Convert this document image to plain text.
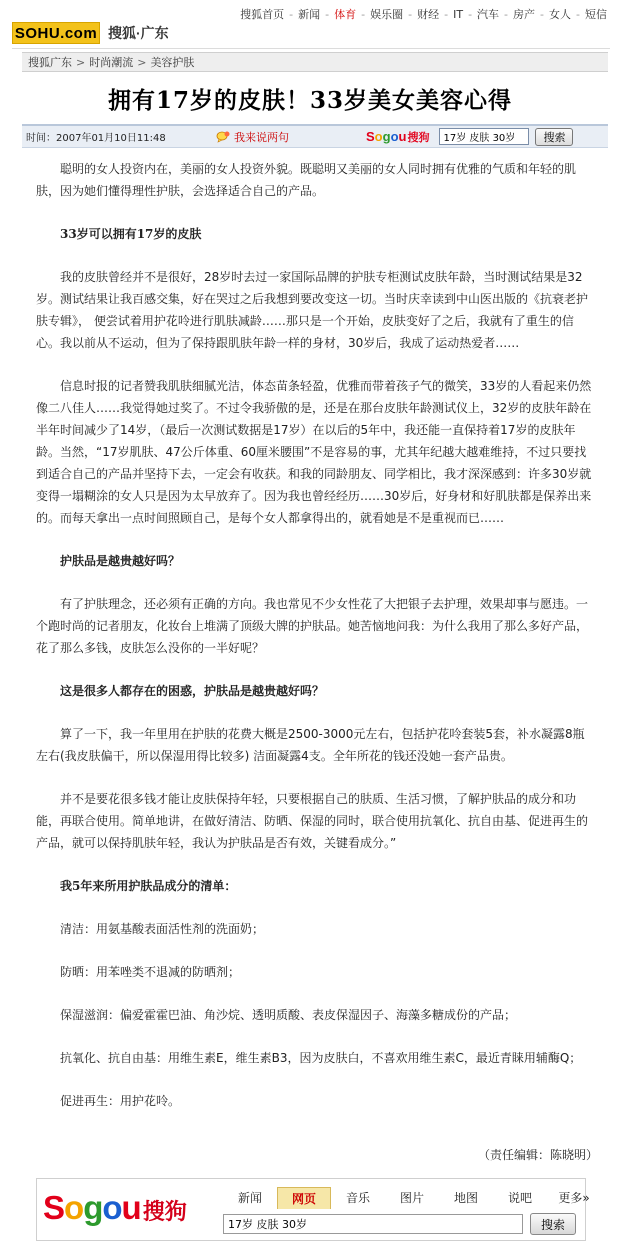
搜狐首页 - 新闻 - 体育 - 娱乐圈 - 财经 - IT - 汽车 - 房产 - 女人 - 短信
SOHU.com 搜狐·广东
搜狐广东 > 时尚潮流 > 美容护肤
拥有17岁的皮肤！33岁美女美容心得
时间：2007年01月10日11:48	我来说两句	Sogou 搜狗
17岁 皮肤 30岁	搜索

聪明的女人投资内在，美丽的女人投资外貌。既聪明又美丽的女人同时拥有优雅的气质和年轻的肌肤，因为她们懂得理性护肤，会选择适合自己的产品。

33岁可以拥有17岁的皮肤

我的皮肤曾经并不是很好，28岁时去过一家国际品牌的护肤专柜测试皮肤年龄，当时测试结果是32岁。测试结果让我百感交集，好在哭过之后我想到要改变这一切。当时庆幸读到中山医出版的《抗衰老护肤专辑》， 便尝试着用护花呤进行肌肤减龄……那只是一个开始，皮肤变好了之后，我就有了重生的信心。我以前从不运动，但为了保持跟肌肤年龄一样的身材，30岁后，我成了运动热爱者……

信息时报的记者赞我肌肤细腻光洁，体态苗条轻盈，优雅而带着孩子气的微笑，33岁的人看起来仍然像二八佳人……我觉得她过奖了。不过令我骄傲的是，还是在那台皮肤年龄测试仪上，32岁的皮肤年龄在半年时间减少了14岁，（最后一次测试数据是17岁）在以后的5年中，我还能一直保持着17岁的皮肤年龄。当然，“17岁肌肤、47公斤体重、60厘米腰围”不是容易的事，尤其年纪越大越难维持，不过只要找到适合自己的产品并坚持下去，一定会有收获。和我的同龄朋友、同学相比，我才深深感到：许多30岁就变得一塌糊涂的女人只是因为太早放弃了。因为我也曾经经历……30岁后，好身材和好肌肤都是保养出来的。而每天拿出一点时间照顾自己，是每个女人都拿得出的，就看她是不是重视而已……

护肤品是越贵越好吗？

有了护肤理念，还必须有正确的方向。我也常见不少女性花了大把银子去护理，效果却事与愿违。一个跑时尚的记者朋友，化妆台上堆满了顶级大牌的护肤品。她苦恼地问我：为什么我用了那么多好产品，花了那么多钱，皮肤怎么没你的一半好呢？

这是很多人都存在的困惑，护肤品是越贵越好吗？

算了一下，我一年里用在护肤的花费大概是2500-3000元左右，包括护花呤套装5套，补水凝露8瓶左右(我皮肤偏干，所以保湿用得比较多) 洁面凝露4支。全年所花的钱还没她一套产品贵。

并不是要花很多钱才能让皮肤保持年轻，只要根据自己的肤质、生活习惯，了解护肤品的成分和功能，再联合使用。简单地讲，在做好清洁、防晒、保湿的同时，联合使用抗氧化、抗自由基、促进再生的产品，就可以保持肌肤年轻，我认为护肤品是否有效，关键看成分。”

我5年来所用护肤品成分的清单：

清洁：用氨基酸表面活性剂的洗面奶；

防晒：用苯唑类不退减的防晒剂；

保湿滋润：偏爱霍霍巴油、角沙烷、透明质酸、表皮保湿因子、海藻多糖成份的产品；

抗氧化、抗自由基：用维生素E，维生素B3，因为皮肤白，不喜欢用维生素C，最近青睐用辅酶Q；

促进再生：用护花呤。

（责任编辑：陈晓明）
Sogou 搜狗
新闻	网页	音乐	图片	地图	说吧	更多»
17岁 皮肤 30岁
搜索
